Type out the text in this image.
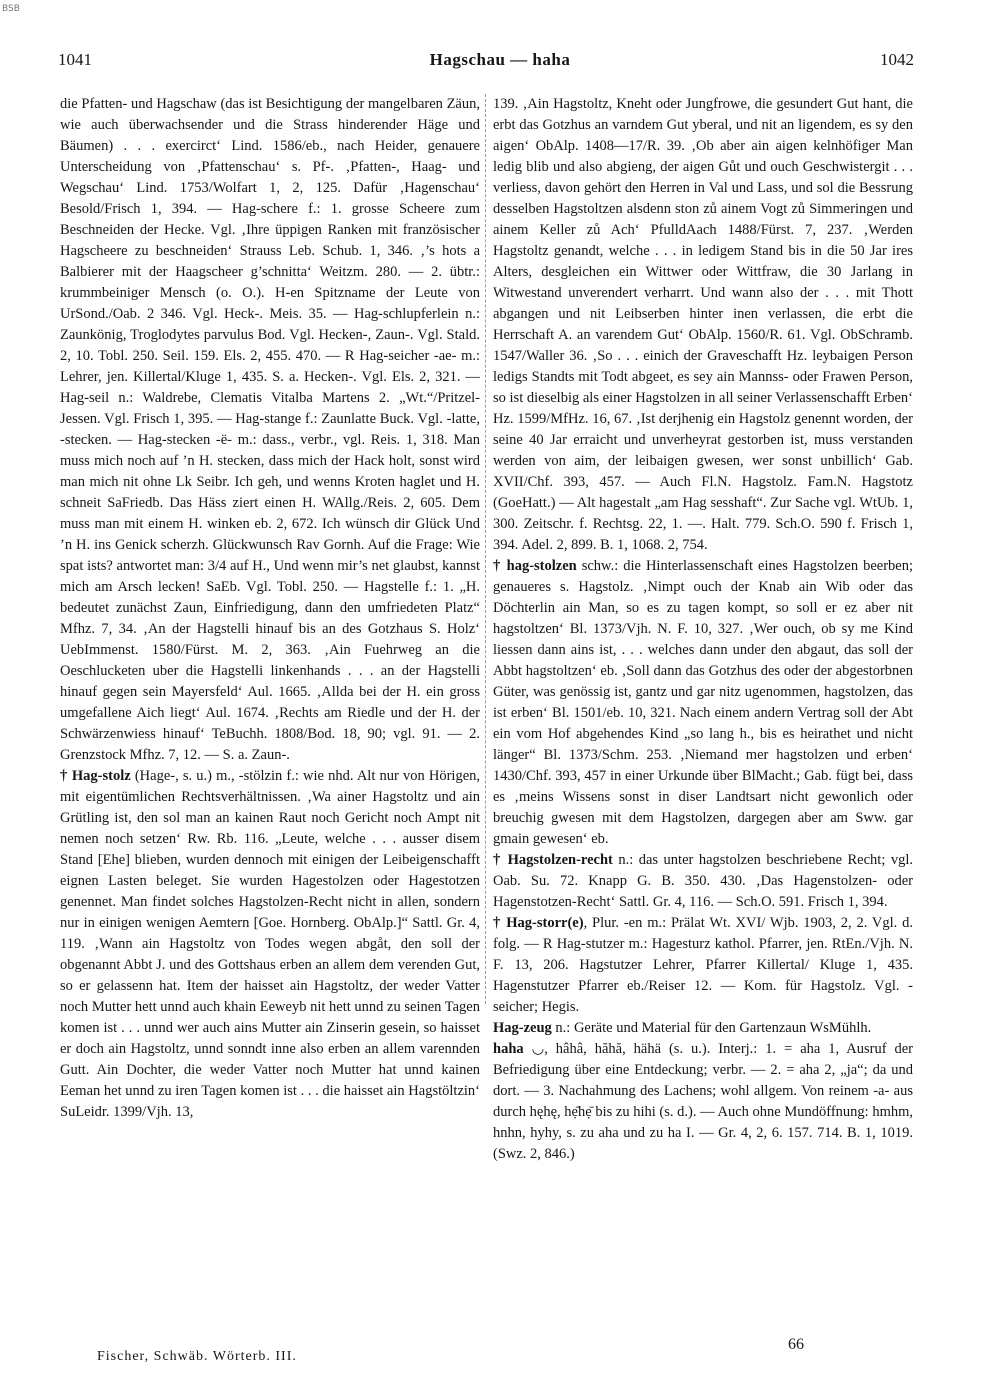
BSB
1041	Hagschau — haha	1042

die Pfatten- und Hagschaw (das ist Besichtigung der mangelbaren Zäun, wie auch überwachsender und die Strass hinderender Häge und Bäumen) . . . exercirct‘ Lind. 1586/eb., nach Heider, genauere Unterscheidung von ‚Pfattenschau‘ s. Pf-. ‚Pfatten-, Haag- und Wegschau‘ Lind. 1753/Wolfart 1, 2, 125. Dafür ‚Hagenschau‘ Besold/Frisch 1, 394. — Hag-schere f.: 1. grosse Scheere zum Beschneiden der Hecke. Vgl. ‚Ihre üppigen Ranken mit französischer Hagscheere zu beschneiden‘ Strauss Leb. Schub. 1, 346. ‚’s hots a Balbierer mit der Haagscheer g’schnitta‘ Weitzm. 280. — 2. übtr.: krummbeiniger Mensch (o. O.). H-en Spitzname der Leute von UrSond./Oab. 2 346. Vgl. Heck-. Meis. 35. — Hag-schlupferlein n.: Zaunkönig, Troglodytes parvulus Bod. Vgl. Hecken-, Zaun-. Vgl. Stald. 2, 10. Tobl. 250. Seil. 159. Els. 2, 455. 470. — R Hag-seicher -ae- m.: Lehrer, jen. Killertal/Kluge 1, 435. S. a. Hecken-. Vgl. Els. 2, 321. — Hag-seil n.: Waldrebe, Clematis Vitalba Martens 2. „Wt.“/Pritzel-Jessen. Vgl. Frisch 1, 395. — Hag-stange f.: Zaunlatte Buck. Vgl. -latte, -stecken. — Hag-stecken -ë- m.: dass., verbr., vgl. Reis. 1, 318. Man muss mich noch auf ’n H. stecken, dass mich der Hack holt, sonst wird man mich nit ohne Lk Seibr. Ich geh, und wenns Kroten haglet und H. schneit SaFriedb. Das Häss ziert einen H. WAllg./Reis. 2, 605. Dem muss man mit einem H. winken eb. 2, 672. Ich wünsch dir Glück Und ’n H. ins Genick scherzh. Glückwunsch Rav Gornh. Auf die Frage: Wie spat ists? antwortet man: 3/4 auf H., Und wenn mir’s net glaubst, kannst mich am Arsch lecken! SaEb. Vgl. Tobl. 250. — Hagstelle f.: 1. „H. bedeutet zunächst Zaun, Einfriedigung, dann den umfriedeten Platz“ Mfhz. 7, 34. ‚An der Hagstelli hinauf bis an des Gotzhaus S. Holz‘ UebImmenst. 1580/Fürst. M. 2, 363. ‚Ain Fuehrweg an die Oeschlucketen uber die Hagstelli linkenhands . . . an der Hagstelli hinauf gegen sein Mayersfeld‘ Aul. 1665. ‚Allda bei der H. ein gross umgefallene Aich liegt‘ Aul. 1674. ‚Rechts am Riedle und der H. der Schwärzenwiess hinauf‘ TeBuchh. 1808/Bod. 18, 90; vgl. 91. — 2. Grenzstock Mfhz. 7, 12. — S. a. Zaun-.

† Hag-stolz (Hage-, s. u.) m., -stölzin f.: wie nhd. Alt nur von Hörigen, mit eigentümlichen Rechtsverhältnissen. ‚Wa ainer Hagstoltz und ain Grütling ist, den sol man an kainen Raut noch Gericht noch Ampt nit nemen noch setzen‘ Rw. Rb. 116. „Leute, welche . . . ausser disem Stand [Ehe] blieben, wurden dennoch mit einigen der Leibeigenschafft eignen Lasten beleget. Sie wurden Hagestolzen oder Hagestotzen genennet. Man findet solches Hagstolzen-Recht nicht in allen, sondern nur in einigen wenigen Aemtern [Goe. Hornberg. ObAlp.]“ Sattl. Gr. 4, 119. ‚Wann ain Hagstoltz von Todes wegen abgåt, den soll der obgenannt Abbt J. und des Gottshaus erben an allem dem verenden Gut, so er gelassenn hat. Item der haisset ain Hagstoltz, der weder Vatter noch Mutter hett unnd auch khain Eeweyb nit hett unnd zu seinen Tagen komen ist . . . unnd wer auch ains Mutter ain Zinserin gesein, so haisset er doch ain Hagstoltz, unnd sonndt inne also erben an allem varennden Gutt. Ain Dochter, die weder Vatter noch Mutter hat unnd kainen Eeman het unnd zu iren Tagen komen ist . . . die haisset ain Hagstöltzin‘ SuLeidr. 1399/Vjh. 13,

139. ‚Ain Hagstoltz, Kneht oder Jungfrowe, die gesundert Gut hant, die erbt das Gotzhus an varndem Gut yberal, und nit an ligendem, es sy den aigen‘ ObAlp. 1408—17/R. 39. ‚Ob aber ain aigen kelnhöfiger Man ledig blib und also abgieng, der aigen Gůt und ouch Geschwistergit . . . verliess, davon gehört den Herren in Val und Lass, und sol die Bessrung desselben Hagstoltzen alsdenn ston zů ainem Vogt zů Simmeringen und ainem Keller zů Ach‘ PfulldAach 1488/Fürst. 7, 237. ‚Werden Hagstoltz genandt, welche . . . in ledigem Stand bis in die 50 Jar ires Alters, desgleichen ein Wittwer oder Wittfraw, die 30 Jarlang in Witwestand unverendert verharrt. Und wann also der . . . mit Thott abgangen und nit Leibserben hinter inen verlassen, die erbt die Herrschaft A. an varendem Gut‘ ObAlp. 1560/R. 61. Vgl. ObSchramb. 1547/Waller 36. ‚So . . . einich der Graveschafft Hz. leybaigen Person ledigs Standts mit Todt abgeet, es sey ain Mannss- oder Frawen Person, so ist dieselbig als einer Hagstolzen in all seiner Verlassenschafft Erben‘ Hz. 1599/MfHz. 16, 67. ‚Ist derjhenig ein Hagstolz genennt worden, der seine 40 Jar erraicht und unverheyrat gestorben ist, muss verstanden werden von aim, der leibaigen gwesen, wer sonst unbillich‘ Gab. XVII/Chf. 393, 457. — Auch Fl.N. Hagstolz. Fam.N. Hagstotz (GoeHatt.) — Alt hagestalt „am Hag sesshaft“. Zur Sache vgl. WtUb. 1, 300. Zeitschr. f. Rechtsg. 22, 1. —. Halt. 779. Sch.O. 590 f. Frisch 1, 394. Adel. 2, 899. B. 1, 1068. 2, 754.

† hag-stolzen schw.: die Hinterlassenschaft eines Hagstolzen beerben; genaueres s. Hagstolz. ‚Nimpt ouch der Knab ain Wib oder das Döchterlin ain Man, so es zu tagen kompt, so soll er ez aber nit hagstoltzen‘ Bl. 1373/Vjh. N. F. 10, 327. ‚Wer ouch, ob sy me Kind liessen dann ains ist, . . . welches dann under den abgaut, das soll der Abbt hagstoltzen‘ eb. ‚Soll dann das Gotzhus des oder der abgestorbnen Güter, was genössig ist, gantz und gar nitz ugenommen, hagstolzen, das ist erben‘ Bl. 1501/eb. 10, 321. Nach einem andern Vertrag soll der Abt ein vom Hof abgehendes Kind „so lang h., bis es heirathet und nicht länger“ Bl. 1373/Schm. 253. ‚Niemand mer hagstolzen und erben‘ 1430/Chf. 393, 457 in einer Urkunde über BlMacht.; Gab. fügt bei, dass es ‚meins Wissens sonst in diser Landtsart nicht gewonlich oder breuchig gwesen mit dem Hagstolzen, dargegen aber am Sww. gar gmain gewesen‘ eb.

† Hagstolzen-recht n.: das unter hagstolzen beschriebene Recht; vgl. Oab. Su. 72. Knapp G. B. 350. 430. ‚Das Hagenstolzen- oder Hagenstotzen-Recht‘ Sattl. Gr. 4, 116. — Sch.O. 591. Frisch 1, 394.

† Hag-storr(e), Plur. -en m.: Prälat Wt. XVI/ Wjb. 1903, 2, 2. Vgl. d. folg. — R Hag-stutzer m.: Hagesturz kathol. Pfarrer, jen. RtEn./Vjh. N. F. 13, 206. Hagstutzer Lehrer, Pfarrer Killertal/ Kluge 1, 435. Hagenstutzer Pfarrer eb./Reiser 12. — Kom. für Hagstolz. Vgl. -seicher; Hegis.

Hag-zeug n.: Geräte und Material für den Gartenzaun WsMühlh.

haha ◡, hâhâ, hăhă, hähä (s. u.). Interj.: 1. = aha 1, Ausruf der Befriedigung über eine Entdeckung; verbr. — 2. = aha 2, „ja“; da und dort. — 3. Nachahmung des Lachens; wohl allgem. Von reinem -a- aus durch hęhę, hẹ̄hẹ̄ bis zu hihi (s. d.). — Auch ohne Mundöffnung: hmhm, hnhn, hyhy, s. zu aha und zu ha I. — Gr. 4, 2, 6. 157. 714. B. 1, 1019. (Swz. 2, 846.)

Fischer, Schwäb. Wörterb. III.
66
